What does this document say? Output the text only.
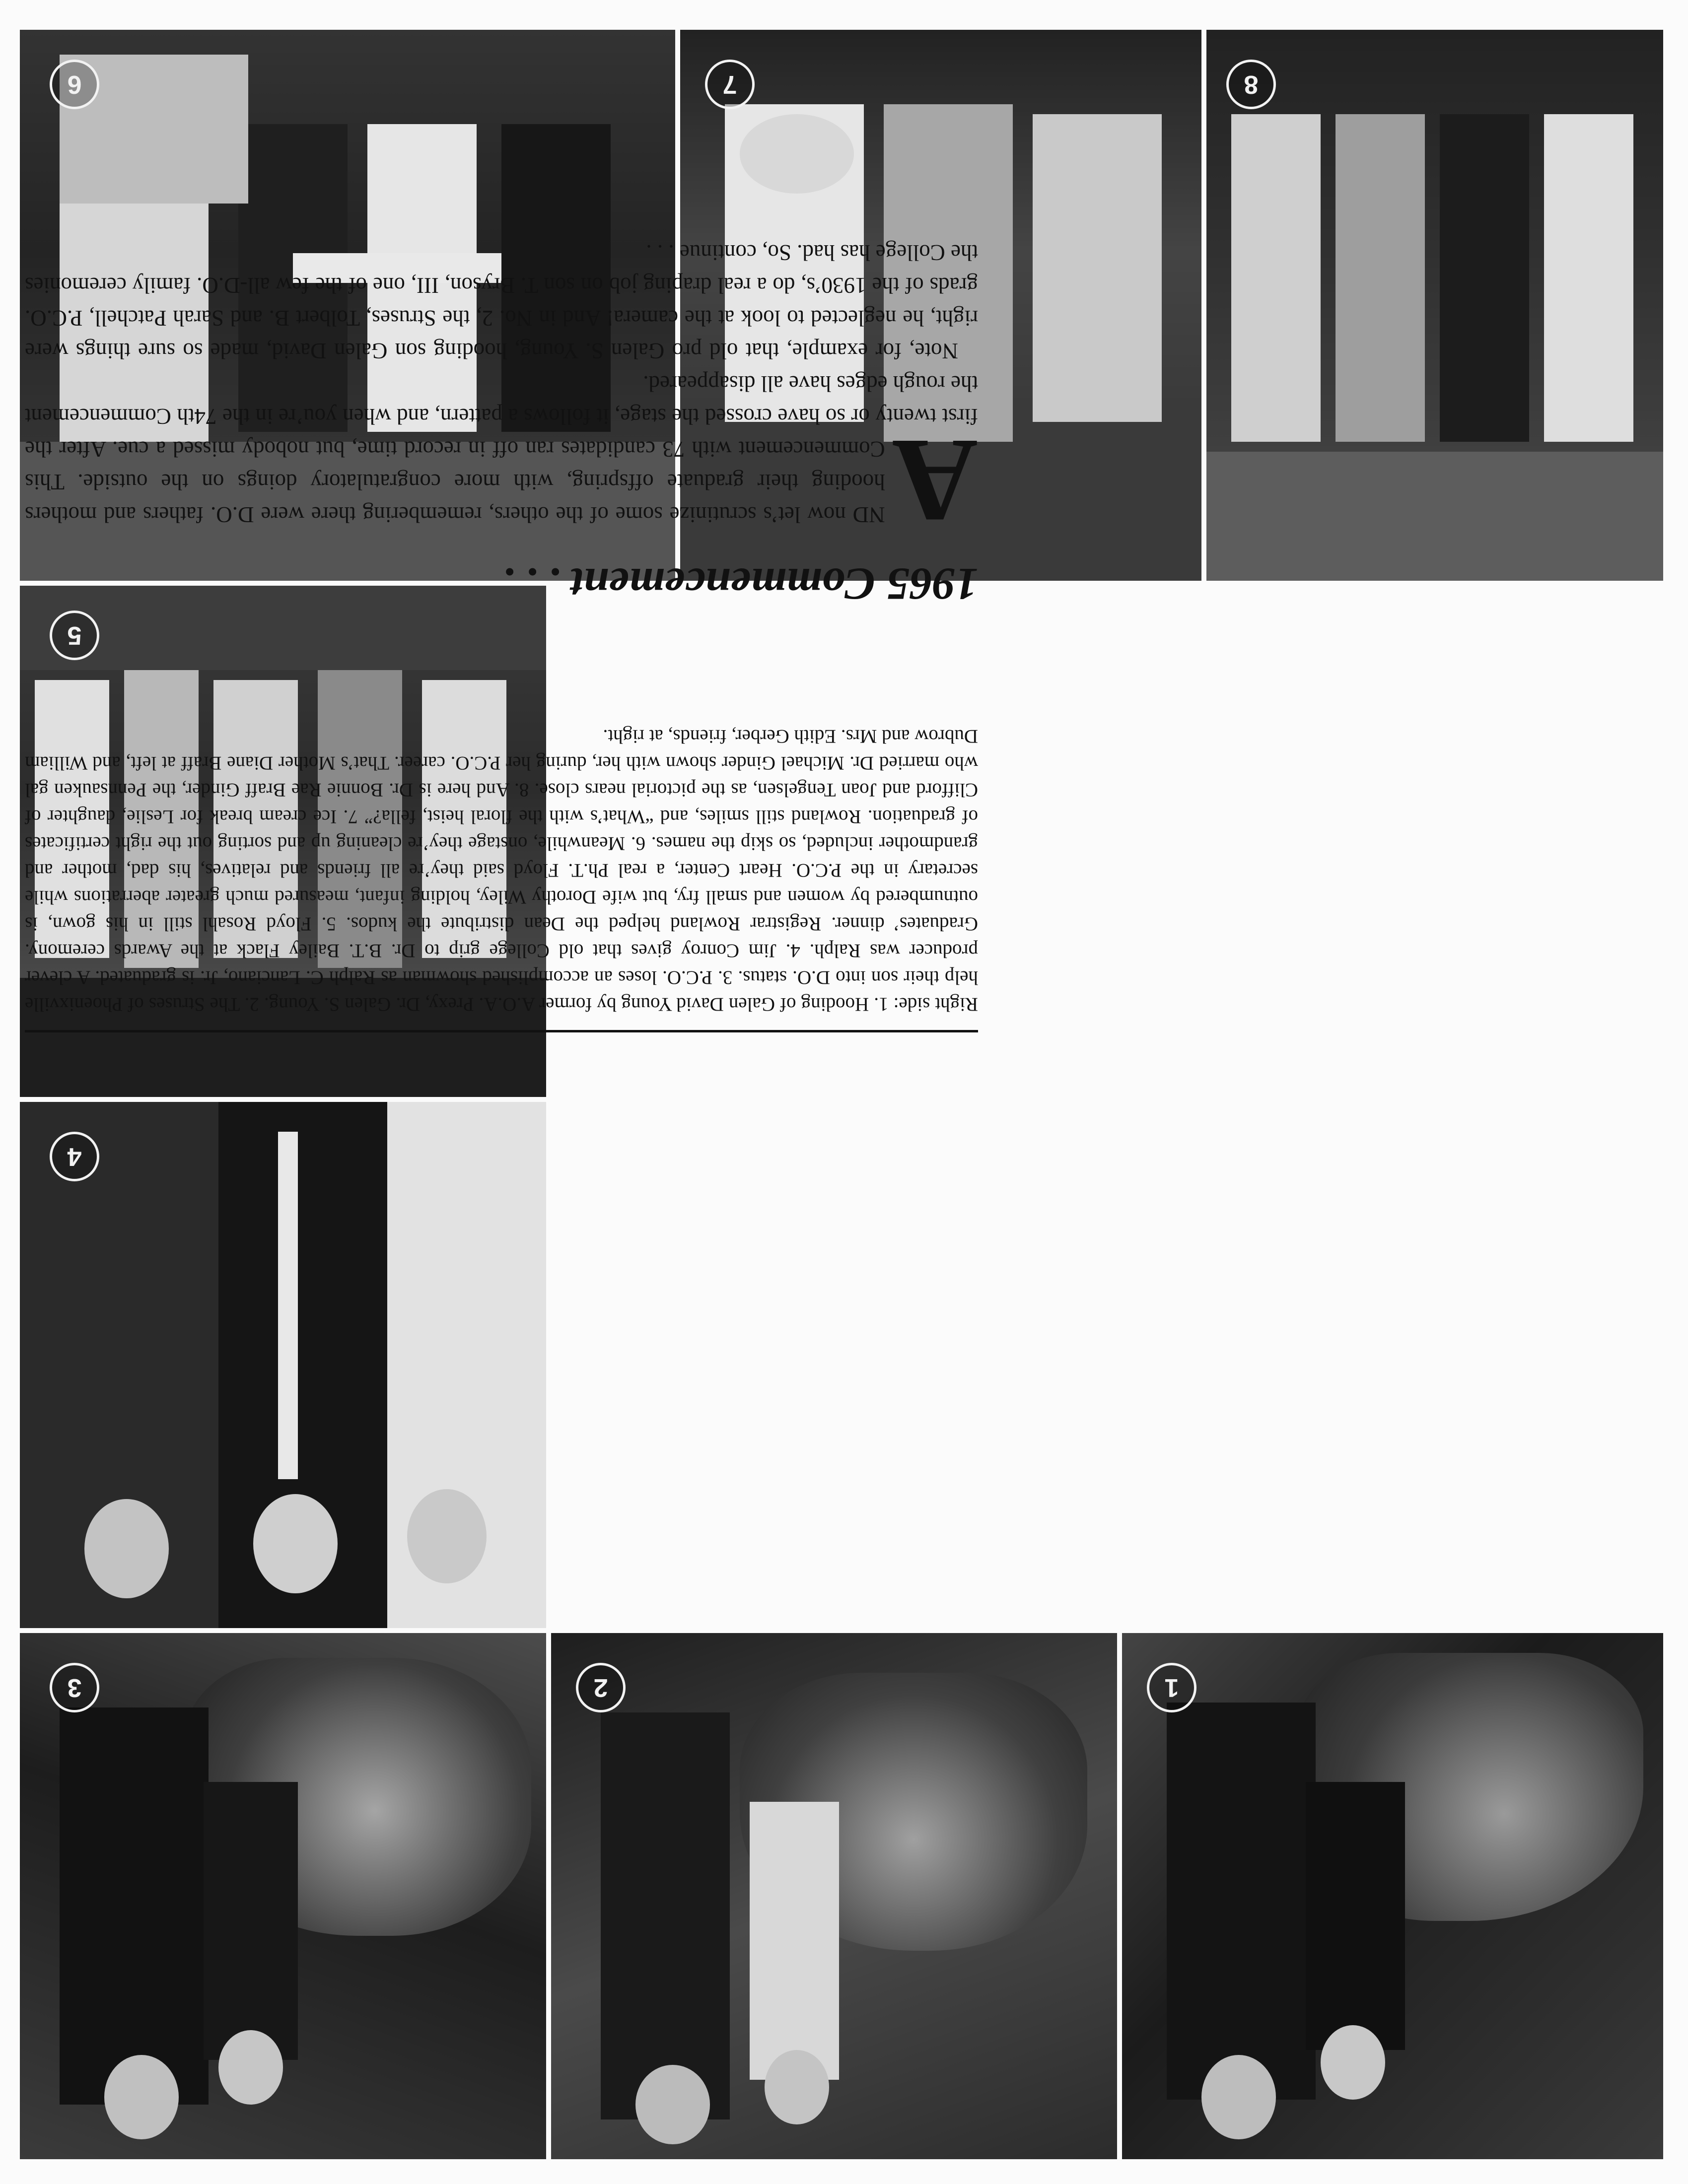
1
2
3
4
5
6	7	8
1965 Commencement . . .

A
ND now let’s scrutinize some of the others, remembering there were D.O. fathers and mothers hooding their graduate offspring, with more congratulatory doings on the outside. This Commencement with 73 candidates ran off in record time, but nobody missed a cue. After the first twenty or so have crossed the stage, it follows a pattern, and when you’re in the 74th Commencement the rough edges have all disappeared.

Note, for example, that old pro Galen S. Young, hooding son Galen David, made so sure things were right, he neglected to look at the camera! And in No. 2, the Struses, Tolbert B. and Sarah Patchell, P.C.O. grads of the 1930’s, do a real draping job on son T. Bryson, III, one of the few all-D.O. family ceremonies the College has had. So, continue . . .

Right side: 1. Hooding of Galen David Young by former A.O.A. Prexy, Dr. Galen S. Young. 2. The Struses of Phoenixville help their son into D.O. status. 3. P.C.O. loses an accomplished showman as Ralph C. Lanciano, Jr. is graduated. A clever producer was Ralph. 4. Jim Conroy gives that old College grip to Dr. B.T. Bailey Flack at the Awards ceremony. Graduates’ dinner. Registrar Rowland helped the Dean distribute the kudos. 5. Floyd Rosahl still in his gown, is outnumbered by women and small fry, but wife Dorothy Wiley, holding infant, measured much greater aberrations while secretary in the P.C.O. Heart Center, a real Ph.T. Floyd said they’re all friends and relatives, his dad, mother and grandmother included, so skip the names. 6. Meanwhile, onstage they’re cleaning up and sorting out the right certificates of graduation. Rowland still smiles, and “What’s with the floral heist, fella?” 7. Ice cream break for Leslie, daughter of Clifford and Joan Tengelsen, as the pictorial nears close. 8. And here is Dr. Bonnie Rae Braff Ginder, the Pennsauken gal who married Dr. Michael Ginder shown with her, during her P.C.O. career. That’s Mother Diane Braff at left, and William Dubrow and Mrs. Edith Gerber, friends, at right.
